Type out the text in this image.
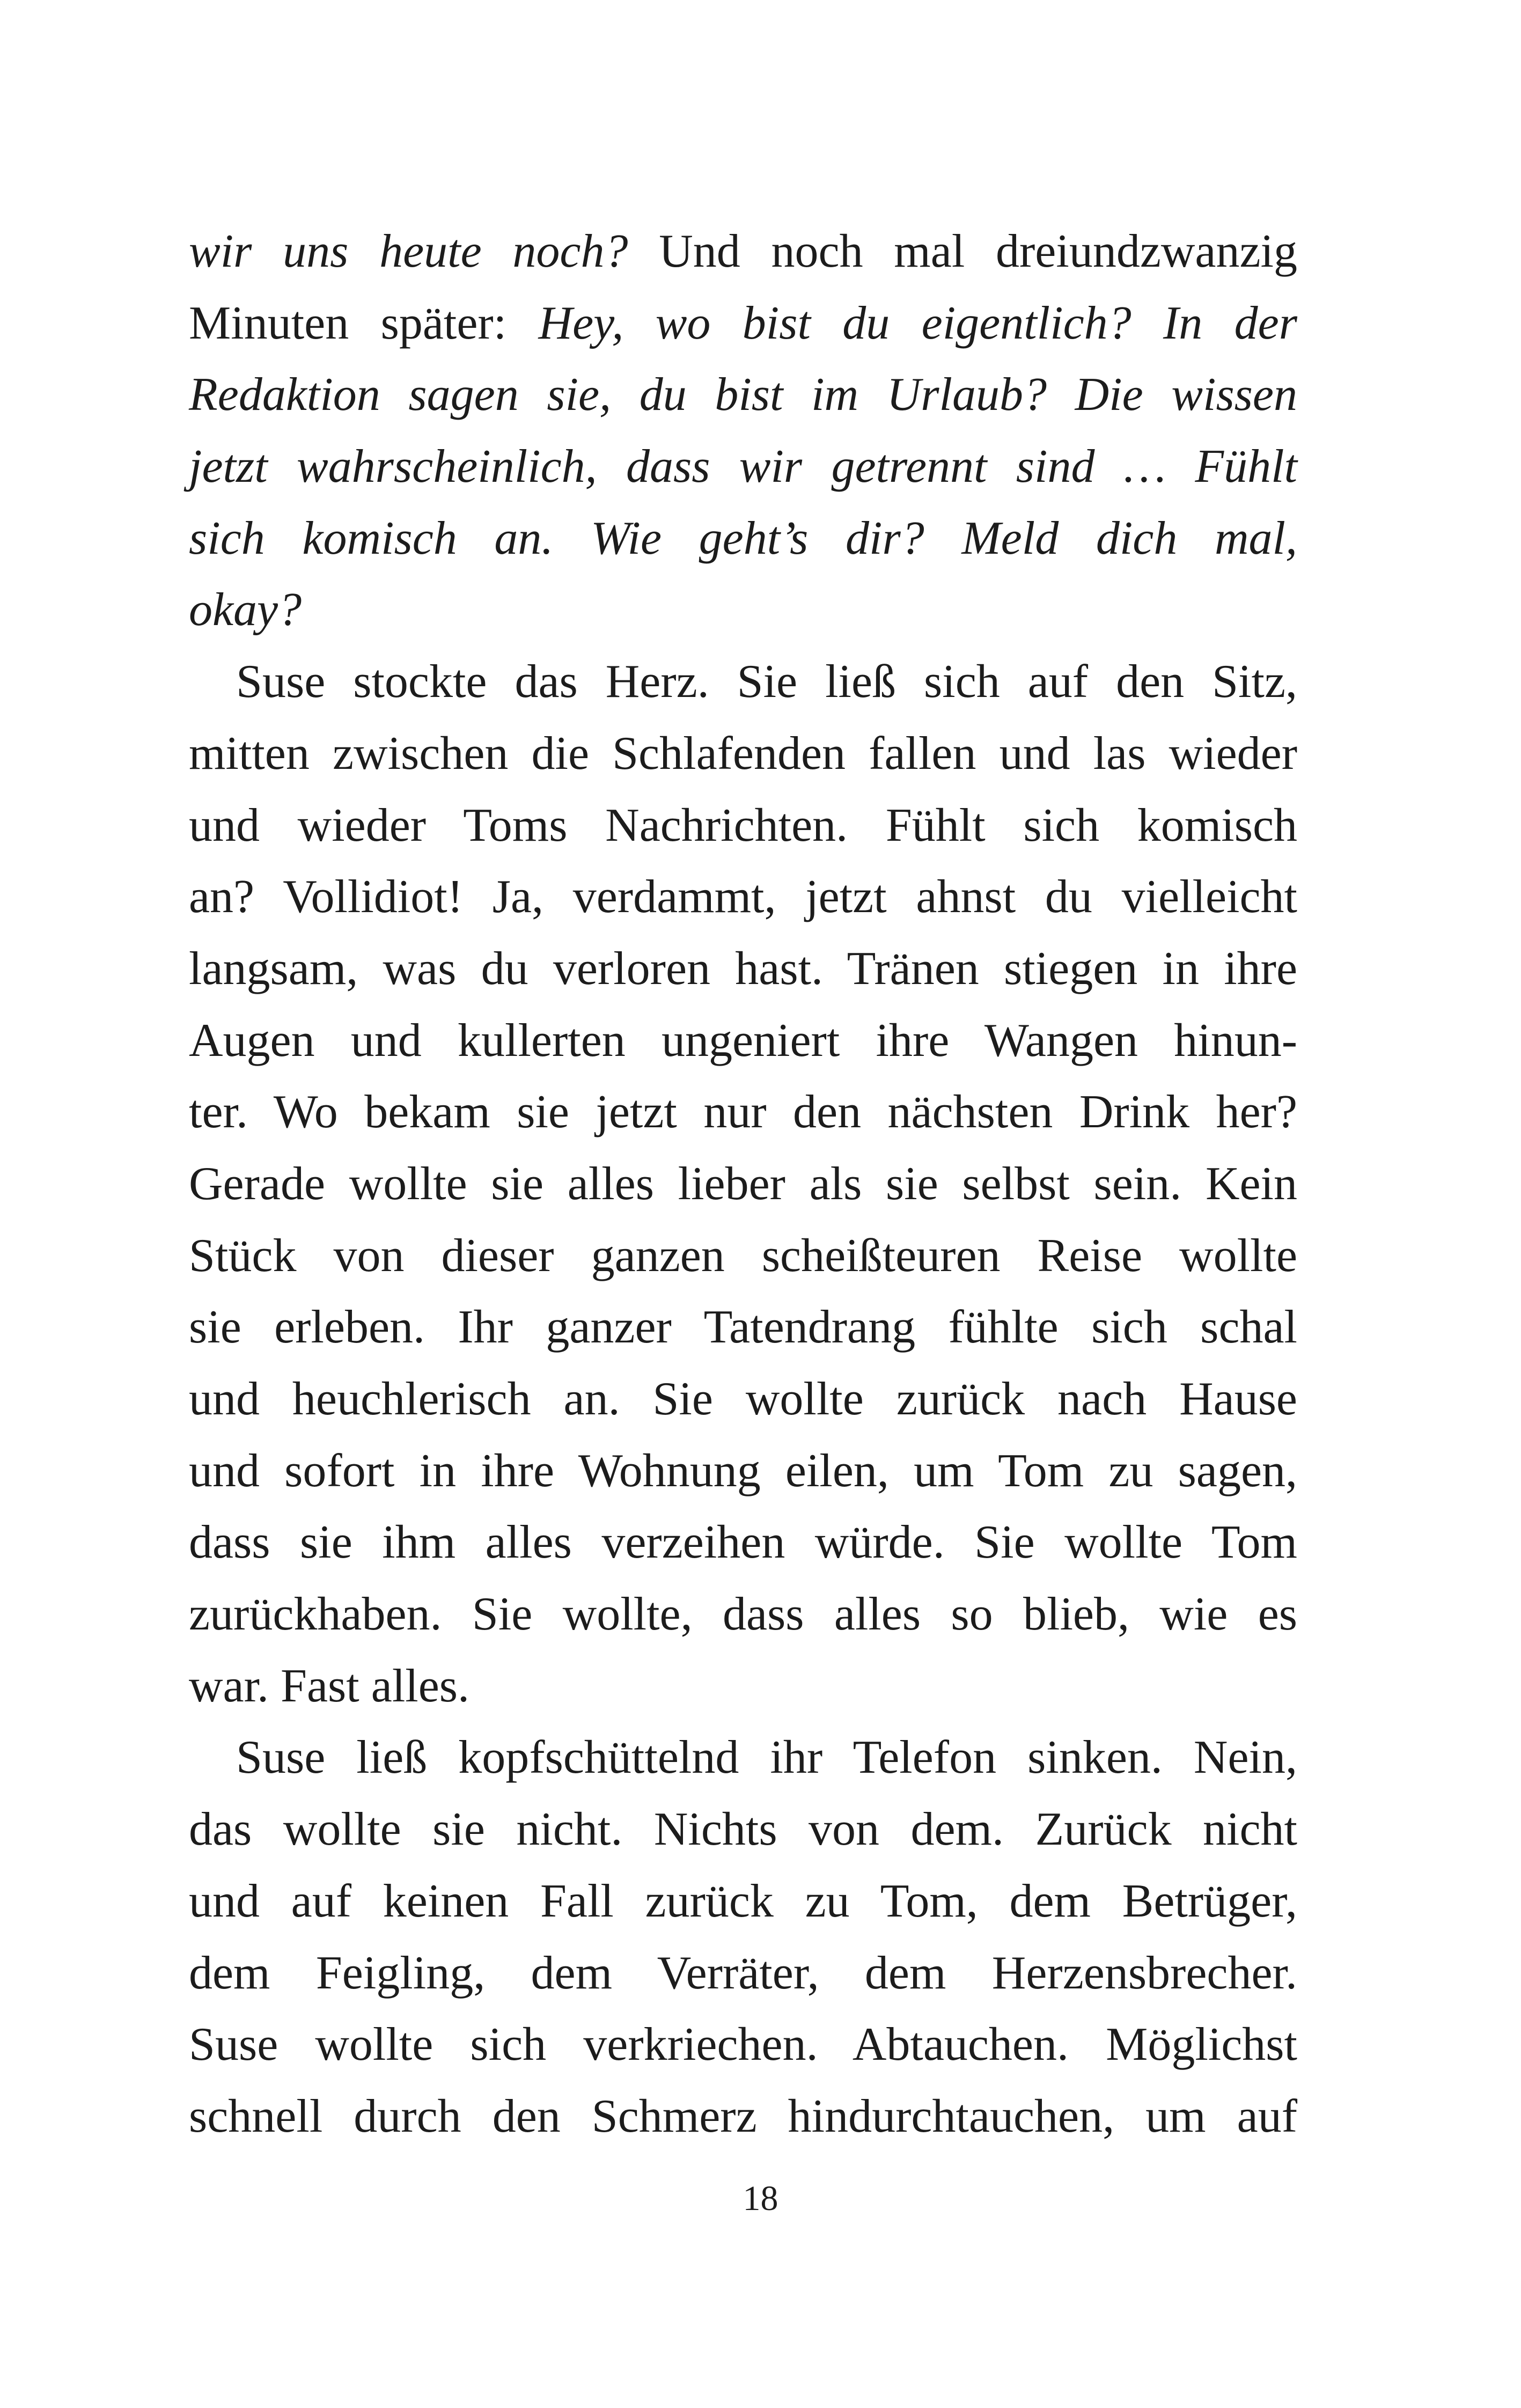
wir uns heute noch? Und noch mal dreiundzwanzig
Minuten später: Hey, wo bist du eigentlich? In der
Redaktion sagen sie, du bist im Urlaub? Die wissen
jetzt wahrscheinlich, dass wir getrennt sind … Fühlt
sich komisch an. Wie geht’s dir? Meld dich mal,
okay?
Suse stockte das Herz. Sie ließ sich auf den Sitz,
mitten zwischen die Schlafenden fallen und las wieder
und wieder Toms Nachrichten. Fühlt sich komisch
an? Vollidiot! Ja, verdammt, jetzt ahnst du vielleicht
langsam, was du verloren hast. Tränen stiegen in ihre
Augen und kullerten ungeniert ihre Wangen hinun-
ter. Wo bekam sie jetzt nur den nächsten Drink her?
Gerade wollte sie alles lieber als sie selbst sein. Kein
Stück von dieser ganzen scheißteuren Reise wollte
sie erleben. Ihr ganzer Tatendrang fühlte sich schal
und heuchlerisch an. Sie wollte zurück nach Hause
und sofort in ihre Wohnung eilen, um Tom zu sagen,
dass sie ihm alles verzeihen würde. Sie wollte Tom
zurückhaben. Sie wollte, dass alles so blieb, wie es
war. Fast alles.
Suse ließ kopfschüttelnd ihr Telefon sinken. Nein,
das wollte sie nicht. Nichts von dem. Zurück nicht
und auf keinen Fall zurück zu Tom, dem Betrüger,
dem Feigling, dem Verräter, dem Herzensbrecher.
Suse wollte sich verkriechen. Abtauchen. Möglichst
schnell durch den Schmerz hindurchtauchen, um auf
18
